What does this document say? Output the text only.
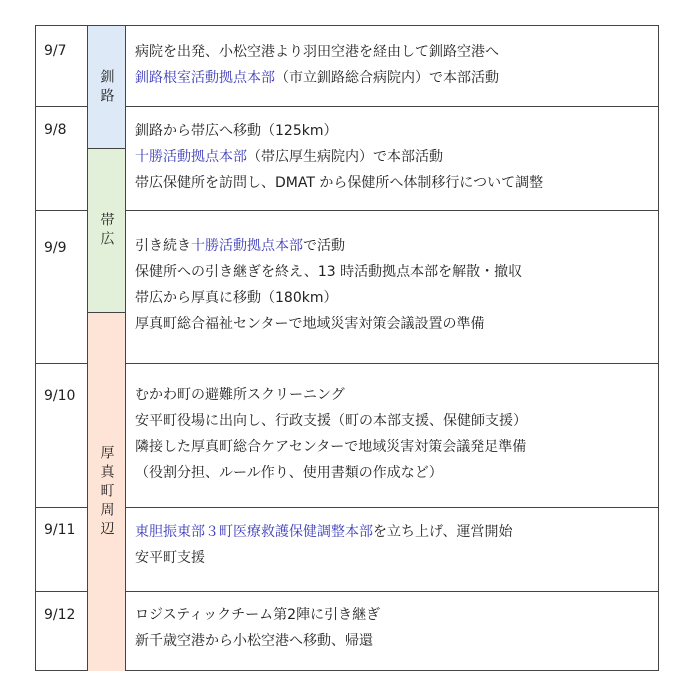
釧路
帯広
厚真町周辺
9/7
9/8
9/9
9/10
9/11
9/12
病院を出発、小松空港より羽田空港を経由して釧路空港へ
釧路根室活動拠点本部（市立釧路総合病院内）で本部活動
釧路から帯広へ移動（125km）
十勝活動拠点本部（帯広厚生病院内）で本部活動
帯広保健所を訪問し、DMAT から保健所へ体制移行について調整
引き続き十勝活動拠点本部で活動
保健所への引き継ぎを終え、13 時活動拠点本部を解散・撤収
帯広から厚真に移動（180km）
厚真町総合福祉センターで地域災害対策会議設置の準備
むかわ町の避難所スクリーニング
安平町役場に出向し、行政支援（町の本部支援、保健師支援）
隣接した厚真町総合ケアセンターで地域災害対策会議発足準備
（役割分担、ルール作り、使用書類の作成など）
東胆振東部３町医療救護保健調整本部を立ち上げ、運営開始
安平町支援
ロジスティックチーム第2陣に引き継ぎ
新千歳空港から小松空港へ移動、帰還
